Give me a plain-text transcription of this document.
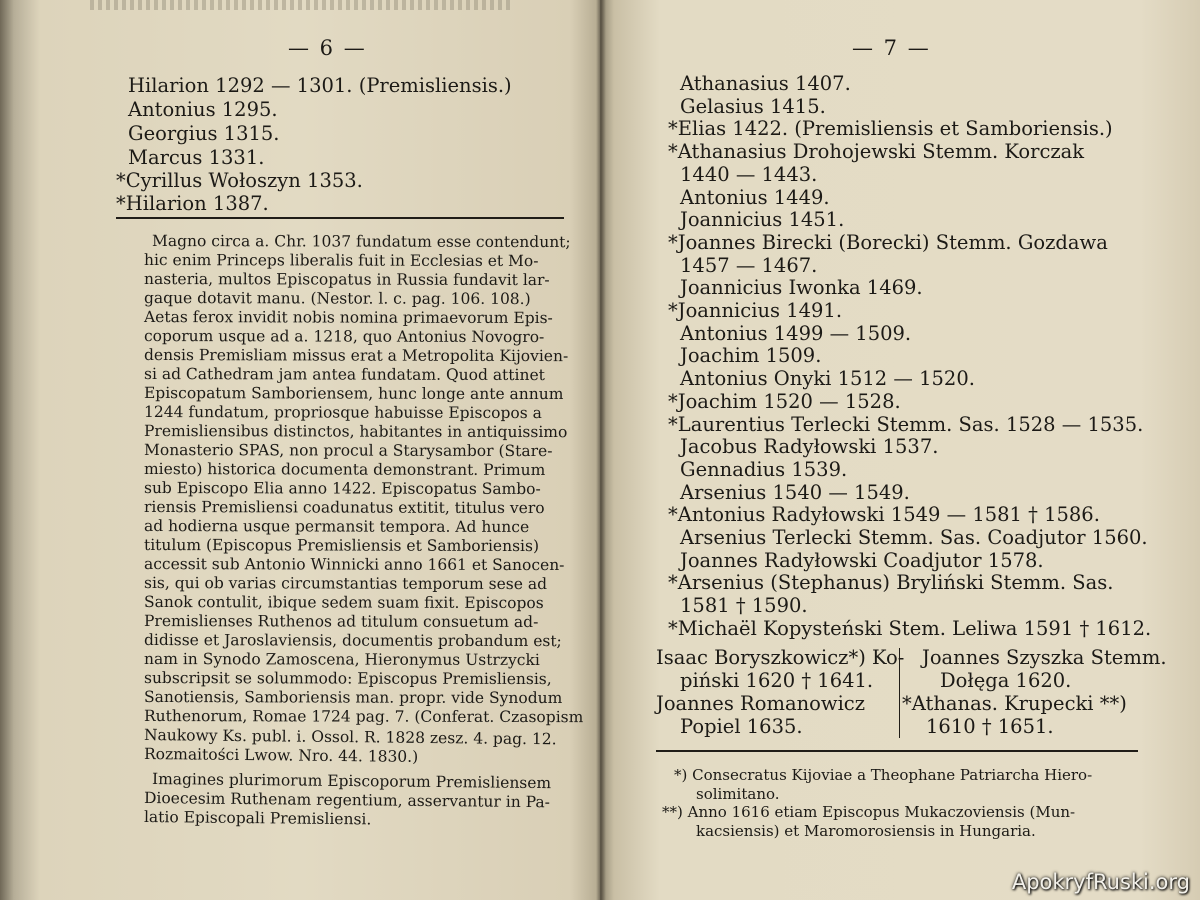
— 6 —
Hilarion 1292 — 1301. (Premisliensis.)
Antonius 1295.
Georgius 1315.
Marcus 1331.
*Cyrillus Wołoszyn 1353.
*Hilarion 1387.
Magno circa a. Chr. 1037 fundatum esse contendunt;
hic enim Princeps liberalis fuit in Ecclesias et Mo-
nasteria, multos Episcopatus in Russia fundavit lar-
gaque dotavit manu. (Nestor. l. c. pag. 106. 108.)
Aetas ferox invidit nobis nomina primaevorum Epis-
coporum usque ad a. 1218, quo Antonius Novogro-
densis Premisliam missus erat a Metropolita Kijovien-
si ad Cathedram jam antea fundatam. Quod attinet
Episcopatum Samboriensem, hunc longe ante annum
1244 fundatum, propriosque habuisse Episcopos a
Premisliensibus distinctos, habitantes in antiquissimo
Monasterio SPAS, non procul a Starysambor (Stare-
miesto) historica documenta demonstrant. Primum
sub Episcopo Elia anno 1422. Episcopatus Sambo-
riensis Premisliensi coadunatus extitit, titulus vero
ad hodierna usque permansit tempora. Ad hunce
titulum (Episcopus Premisliensis et Samboriensis)
accessit sub Antonio Winnicki anno 1661 et Sanocen-
sis, qui ob varias circumstantias temporum sese ad
Sanok contulit, ibique sedem suam fixit. Episcopos
Premislienses Ruthenos ad titulum consuetum ad-
didisse et Jaroslaviensis, documentis probandum est;
nam in Synodo Zamoscena, Hieronymus Ustrzycki
subscripsit se solummodo: Episcopus Premisliensis,
Sanotiensis, Samboriensis man. propr. vide Synodum
Ruthenorum, Romae 1724 pag. 7. (Conferat. Czasopism
Naukowy Ks. publ. i. Ossol. R. 1828 zesz. 4. pag. 12.
Rozmaitości Lwow. Nro. 44. 1830.)
Imagines plurimorum Episcoporum Premisliensem
Dioecesim Ruthenam regentium, asservantur in Pa-
latio Episcopali Premisliensi.
— 7 —
Athanasius 1407.
Gelasius 1415.
*Elias 1422. (Premisliensis et Samboriensis.)
*Athanasius Drohojewski Stemm. Korczak
1440 — 1443.
Antonius 1449.
Joannicius 1451.
*Joannes Birecki (Borecki) Stemm. Gozdawa
1457 — 1467.
Joannicius Iwonka 1469.
*Joannicius 1491.
Antonius 1499 — 1509.
Joachim 1509.
Antonius Onyki 1512 — 1520.
*Joachim 1520 — 1528.
*Laurentius Terlecki Stemm. Sas. 1528 — 1535.
Jacobus Radyłowski 1537.
Gennadius 1539.
Arsenius 1540 — 1549.
*Antonius Radyłowski 1549 — 1581 † 1586.
Arsenius Terlecki Stemm. Sas. Coadjutor 1560.
Joannes Radyłowski Coadjutor 1578.
*Arsenius (Stephanus) Bryliński Stemm. Sas.
1581 † 1590.
*Michaël Kopysteński Stem. Leliwa 1591 † 1612.
Isaac Boryszkowicz*) Ko-
piński 1620 † 1641.
Joannes Romanowicz
Popiel 1635.
Joannes Szyszka Stemm.
Dołęga 1620.
*Athanas. Krupecki **)
1610 † 1651.
*) Consecratus Kijoviae a Theophane Patriarcha Hiero-
solimitano.
**) Anno 1616 etiam Episcopus Mukaczoviensis (Mun-
kacsiensis) et Maromorosiensis in Hungaria.
ApokryfRuski.org
